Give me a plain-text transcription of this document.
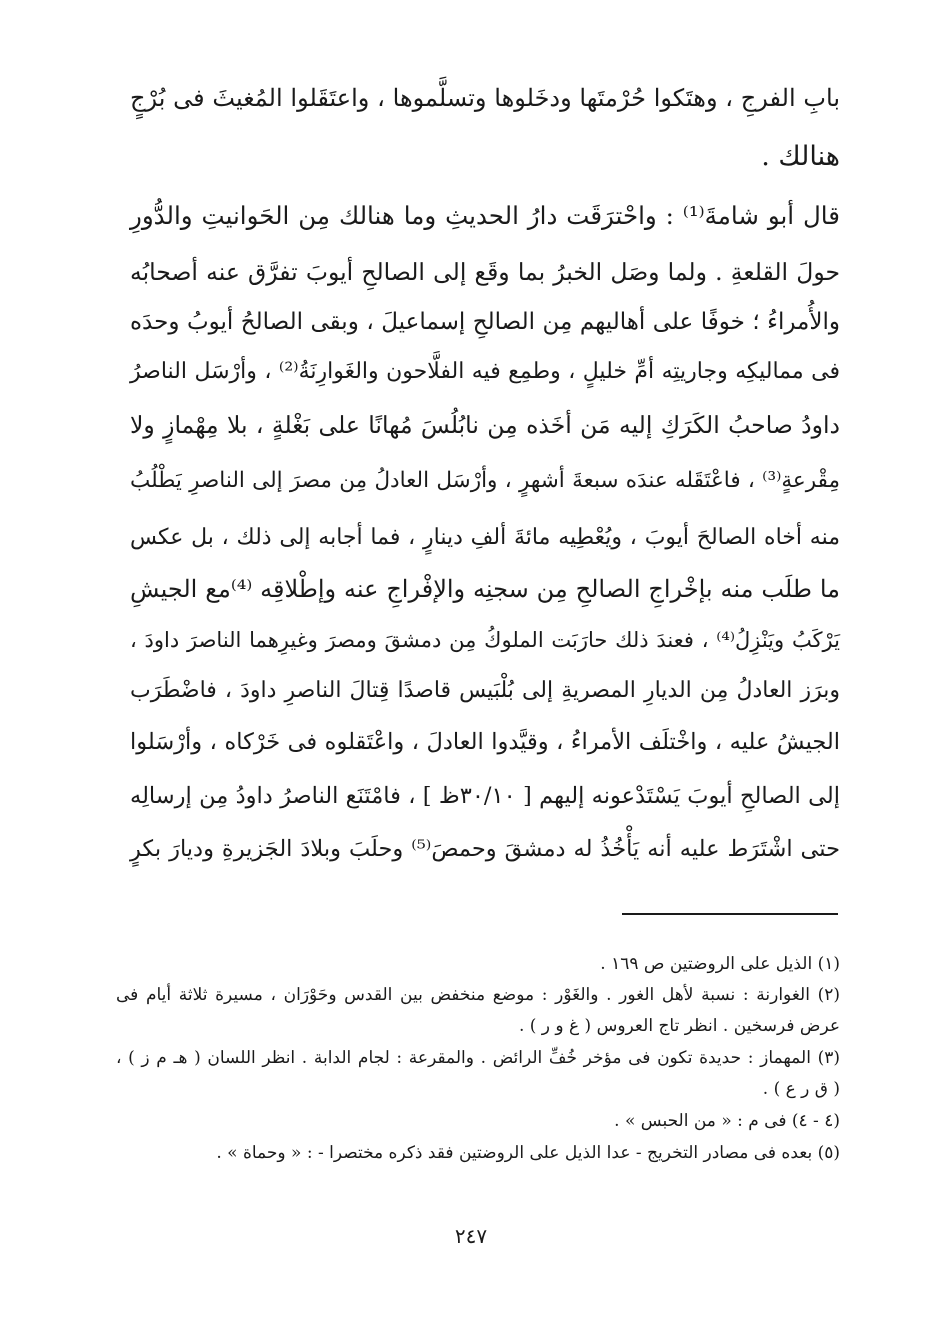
بابِ الفرجِ ، وهتَكوا حُرْمتَها ودخَلوها وتسلَّموها ، واعتَقَلوا المُغيثَ فى بُرْجٍ
هنالك .
قال أبو شامةَ⁽¹⁾ : واحْترَقَت دارُ الحديثِ وما هنالك مِن الحَوانيتِ والدُّورِ
حولَ القلعةِ . ولما وصَل الخبرُ بما وقَع إلى الصالحِ أيوبَ تفرَّق عنه أصحابُه
والأُمراءُ ؛ خوفًا على أهاليهم مِن الصالحِ إسماعيلَ ، وبقى الصالحُ أيوبُ وحدَه
فى مماليكِه وجاريتِه أمِّ خليلٍ ، وطمِع فيه الفلَّاحون والغَوارِنَةُ⁽²⁾ ، وأرْسَل الناصرُ
داودُ صاحبُ الكَرَكِ إليه مَن أخَذه مِن نابُلُسَ مُهانًا على بَغْلةٍ ، بلا مِهْمازٍ ولا
مِقْرعةٍ⁽³⁾ ، فاعْتَقَله عندَه سبعةَ أشهرٍ ، وأرْسَل العادلُ مِن مصرَ إلى الناصرِ يَطْلُبُ
منه أخاه الصالحَ أيوبَ ، ويُعْطِيه مائةَ ألفِ دينارٍ ، فما أجابه إلى ذلك ، بل عكس
ما طلَب منه بإخْراجِ الصالحِ مِن سجنِه والإفْراجِ عنه وإطْلاقِه ⁽⁴⁾مع الجيشِ
يَرْكَبُ ويَنْزِلُ⁽⁴⁾ ، فعندَ ذلك حارَبَت الملوكُ مِن دمشقَ ومصرَ وغيرِهما الناصرَ داودَ ،
وبرَز العادلُ مِن الديارِ المصريةِ إلى بُلْبَيس قاصدًا قِتالَ الناصرِ داودَ ، فاضْطَرَب
الجيشُ عليه ، واخْتلَف الأمراءُ ، وقيَّدوا العادلَ ، واعْتَقلوه فى خَرْكاه ، وأرْسَلوا
إلى الصالحِ أيوبَ يَسْتَدْعونه إليهم [ ٣٠/١٠ظ ] ، فامْتَنَع الناصرُ داودُ مِن إرسالِه
حتى اشْتَرَط عليه أنه يَأْخُذُ له دمشقَ وحمصَ⁽⁵⁾ وحلَبَ وبلادَ الجَزيرةِ وديارَ بكرٍ
(١) الذيل على الروضتين ص ١٦٩ .
(٢) الغوارنة : نسبة لأهل الغور . والغَوْر : موضع منخفض بين القدس وحَوْرَان ، مسيرة ثلاثة أيام فى
عرض فرسخين . انظر تاج العروس ( غ و ر ) .
(٣) المهماز : حديدة تكون فى مؤخر خُفِّ الرائض . والمقرعة : لجام الدابة . انظر اللسان ( هـ م ز ) ،
( ق ر ع ) .
(٤ - ٤) فى م : « من الحبس » .
(٥) بعده فى مصادر التخريج - عدا الذيل على الروضتين فقد ذكره مختصرا - : « وحماة » .
٢٤٧
